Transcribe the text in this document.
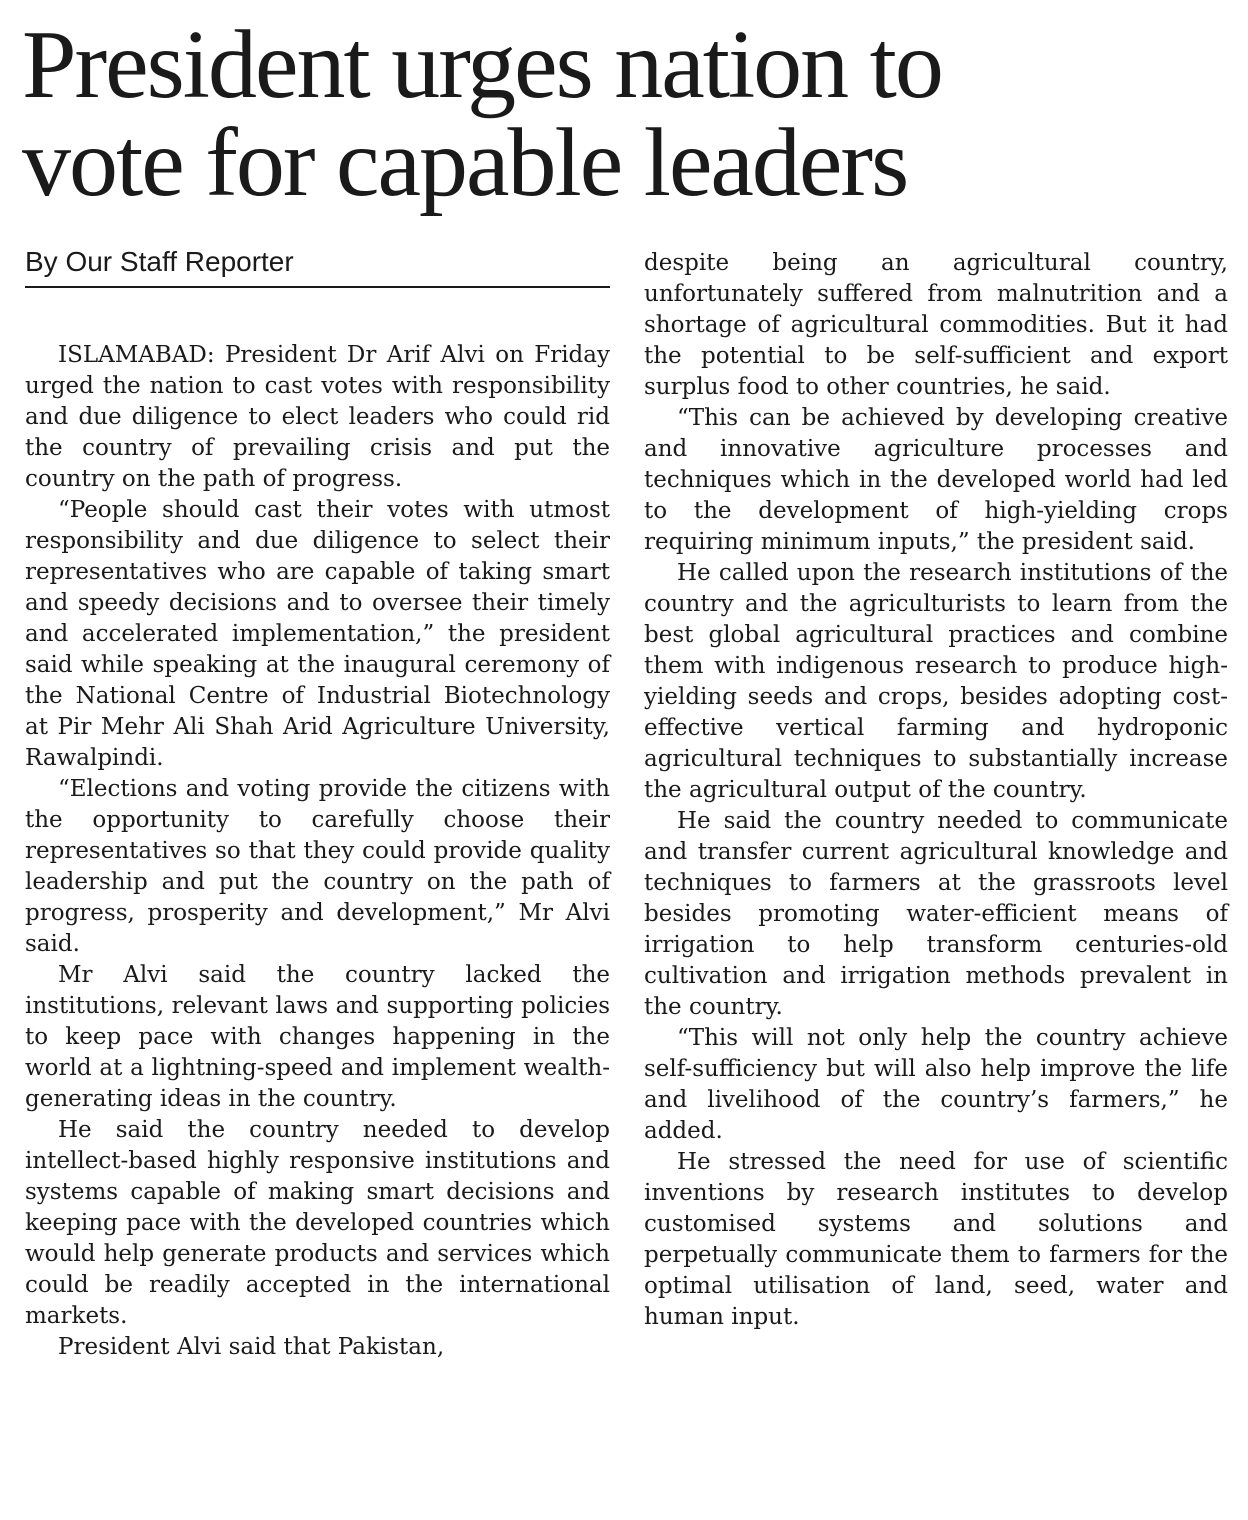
President urges nation to
vote for capable leaders
By Our Staff Reporter

ISLAMABAD: President Dr Arif Alvi on Friday urged the nation to cast votes with responsibility and due diligence to elect leaders who could rid the country of prevailing crisis and put the country on the path of progress.

“People should cast their votes with utmost responsibility and due diligence to select their representatives who are capable of taking smart and speedy decisions and to oversee their timely and accelerated implementation,” the president said while speaking at the inaugural ceremony of the National Centre of Industrial Biotechnology at Pir Mehr Ali Shah Arid Agriculture University, Rawalpindi.

“Elections and voting provide the citizens with the opportunity to carefully choose their representatives so that they could provide quality leadership and put the country on the path of progress, prosperity and development,” Mr Alvi said.

Mr Alvi said the country lacked the institutions, relevant laws and supporting policies to keep pace with changes happening in the world at a lightning-speed and implement wealth-generating ideas in the country.

He said the country needed to develop intellect-based highly responsive institutions and systems capable of making smart decisions and keeping pace with the developed countries which would help generate products and services which could be readily accepted in the international markets.

President Alvi said that Pakistan,

despite being an agricultural country, unfortunately suffered from malnutrition and a shortage of agricultural commodities. But it had the potential to be self-sufficient and export surplus food to other countries, he said.

“This can be achieved by developing creative and innovative agriculture processes and techniques which in the developed world had led to the development of high-yielding crops requiring minimum inputs,” the president said.

He called upon the research institutions of the country and the agriculturists to learn from the best global agricultural practices and combine them with indigenous research to produce high-yielding seeds and crops, besides adopting cost-effective vertical farming and hydroponic agricultural techniques to substantially increase the agricultural output of the country.

He said the country needed to communicate and transfer current agricultural knowledge and techniques to farmers at the grassroots level besides promoting water-efficient means of irrigation to help transform centuries-old cultivation and irrigation methods prevalent in the country.

“This will not only help the country achieve self-sufficiency but will also help improve the life and livelihood of the country’s farmers,” he added.

He stressed the need for use of scientific inventions by research institutes to develop customised systems and solutions and perpetually communicate them to farmers for the optimal utilisation of land, seed, water and human input.
